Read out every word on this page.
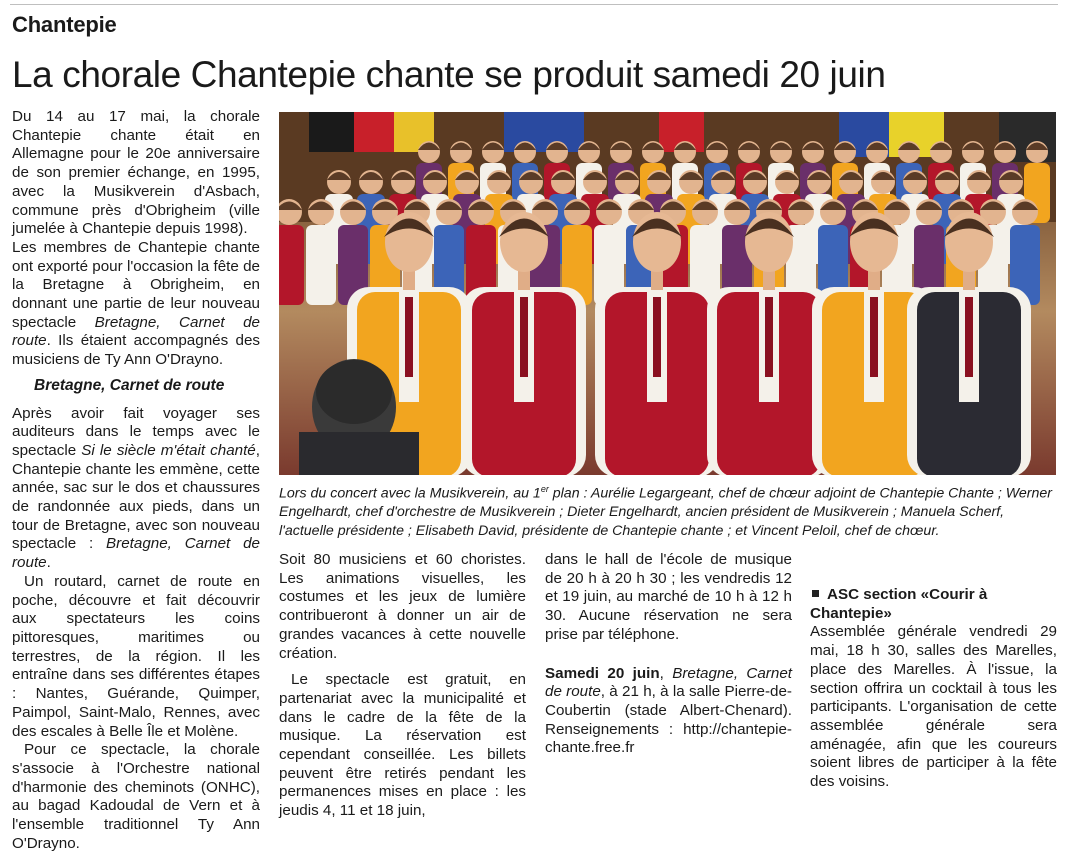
Chantepie
La chorale Chantepie chante se produit samedi 20 juin

Du 14 au 17 mai, la chorale Chantepie chante était en Allemagne pour le 20e anniversaire de son premier échange, en 1995, avec la Musikverein d'Asbach, commune près d'Obrigheim (ville jumelée à Chantepie depuis 1998).

Les membres de Chantepie chante ont exporté pour l'occasion la fête de la Bretagne à Obrigheim, en donnant une partie de leur nouveau spectacle Bretagne, Carnet de route. Ils étaient accompagnés des musiciens de Ty Ann O'Drayno.

Bretagne, Carnet de route

Après avoir fait voyager ses auditeurs dans le temps avec le spectacle Si le siècle m'était chanté, Chantepie chante les emmène, cette année, sac sur le dos et chaussures de randonnée aux pieds, dans un tour de Bretagne, avec son nouveau spectacle : Bretagne, Carnet de route.

Un routard, carnet de route en poche, découvre et fait découvrir aux spectateurs les coins pittoresques, maritimes ou terrestres, de la région. Il les entraîne dans ses différentes étapes : Nantes, Guérande, Quimper, Paimpol, Saint-Malo, Rennes, avec des escales à Belle Île et Molène.

Pour ce spectacle, la chorale s'associe à l'Orchestre national d'harmonie des cheminots (ONHC), au bagad Kadoudal de Vern et à l'ensemble traditionnel Ty Ann O'Drayno.

Lors du concert avec la Musikverein, au 1er plan : Aurélie Legargeant, chef de chœur adjoint de Chantepie Chante ; Werner Engelhardt, chef d'orchestre de Musikverein ; Dieter Engelhardt, ancien président de Musikverein ; Manuela Scherf, l'actuelle présidente ; Elisabeth David, présidente de Chantepie chante ; et Vincent Peloil, chef de chœur.

Soit 80 musiciens et 60 choristes. Les animations visuelles, les costumes et les jeux de lumière contribueront à donner un air de grandes vacances à cette nouvelle création.

Le spectacle est gratuit, en partenariat avec la municipalité et dans le cadre de la fête de la musique. La réservation est cependant conseillée. Les billets peuvent être retirés pendant les permanences mises en place : les jeudis 4, 11 et 18 juin,

dans le hall de l'école de musique de 20 h à 20 h 30 ; les vendredis 12 et 19 juin, au marché de 10 h à 12 h 30. Aucune réservation ne sera prise par téléphone.

Samedi 20 juin, Bretagne, Carnet de route, à 21 h, à la salle Pierre-de-Coubertin (stade Albert-Chenard). Renseignements : http://chantepie-chante.free.fr

ASC section «Courir à Chantepie»

Assemblée générale vendredi 29 mai, 18 h 30, salles des Marelles, place des Marelles. À l'issue, la section offrira un cocktail à tous les participants. L'organisation de cette assemblée générale sera aménagée, afin que les coureurs soient libres de participer à la fête des voisins.
